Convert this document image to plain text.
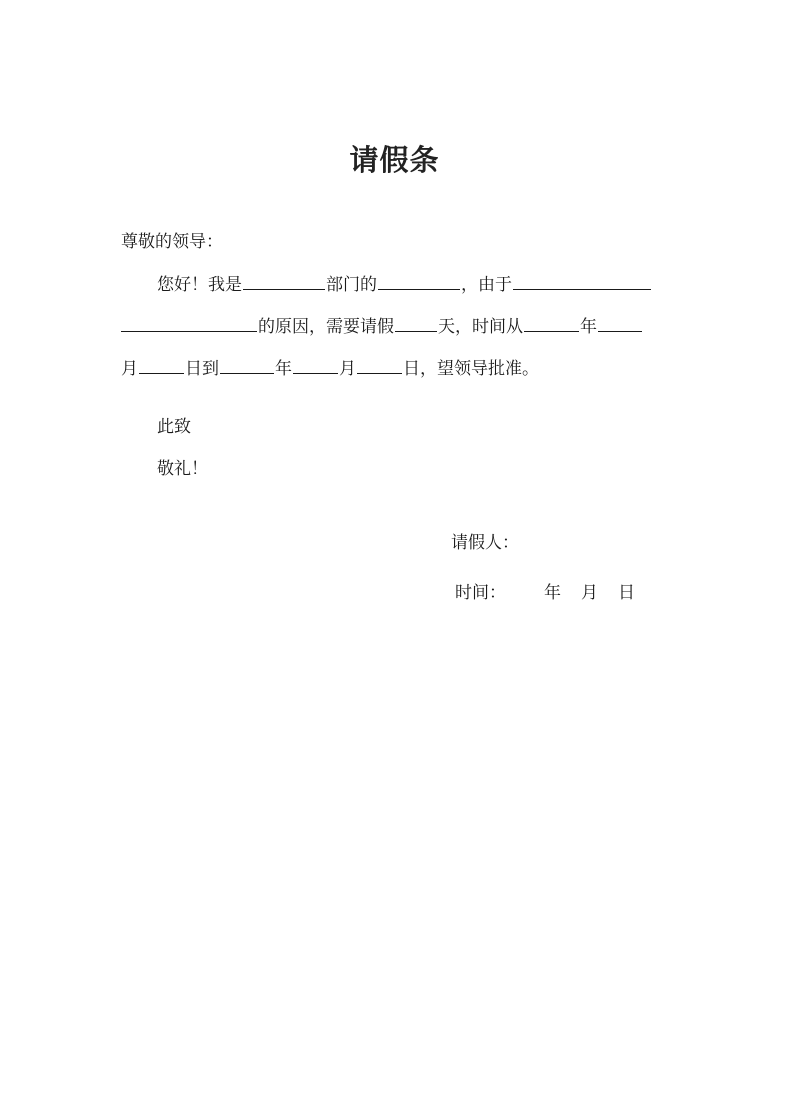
请假条
尊敬的领导：
您好！我是	部门的	，由于
的原因，需要请假	天，时间从	年
月	日到	年	月	日，望领导批准。
此致
敬礼！
请假人：
时间： 年 月 日
